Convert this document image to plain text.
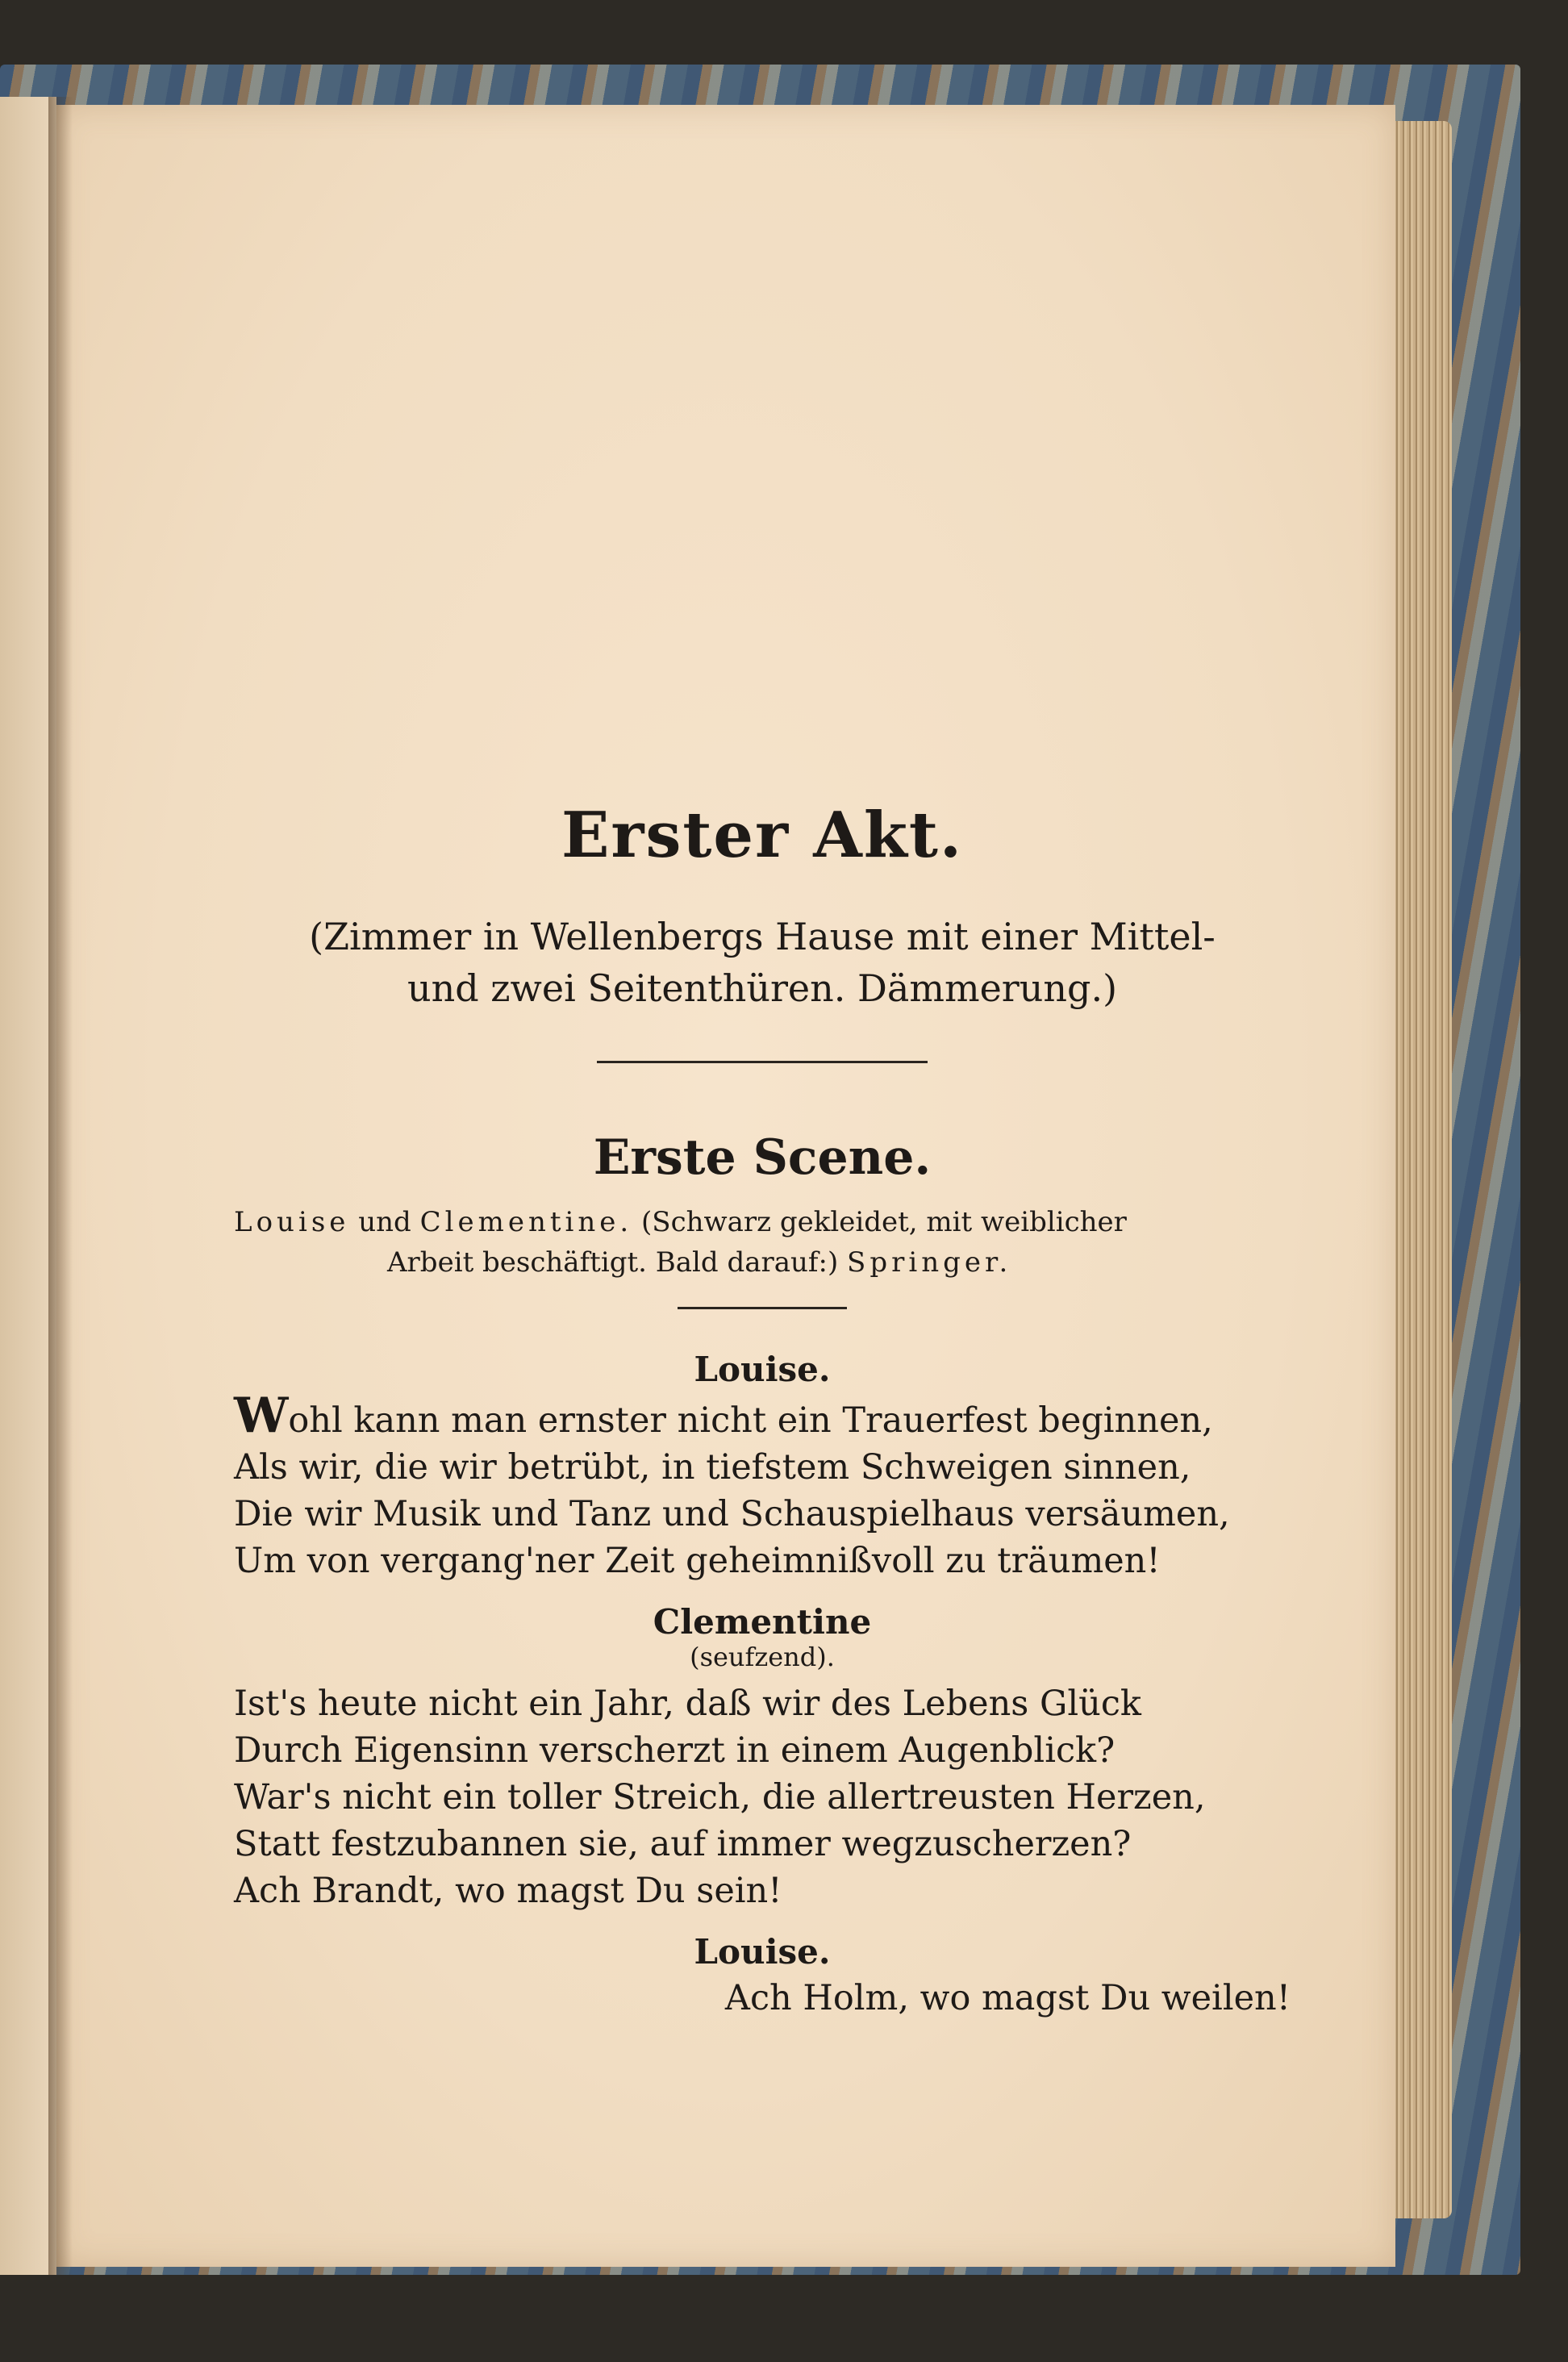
Erster Akt.

(Zimmer in Wellenbergs Hause mit einer Mittel-

und zwei Seitenthüren. Dämmerung.)

Erste Scene.

Louise und Clementine. (Schwarz gekleidet, mit weiblicher
Arbeit beschäftigt. Bald darauf:) Springer.

Louise.

Wohl kann man ernster nicht ein Trauerfest beginnen,

Als wir, die wir betrübt, in tiefstem Schweigen sinnen,

Die wir Musik und Tanz und Schauspielhaus versäumen,

Um von vergang'ner Zeit geheimnißvoll zu träumen!

Clementine
(seufzend).

Ist's heute nicht ein Jahr, daß wir des Lebens Glück

Durch Eigensinn verscherzt in einem Augenblick?

War's nicht ein toller Streich, die allertreusten Herzen,

Statt festzubannen sie, auf immer wegzuscherzen?

Ach Brandt, wo magst Du sein!

Louise.

Ach Holm, wo magst Du weilen!
